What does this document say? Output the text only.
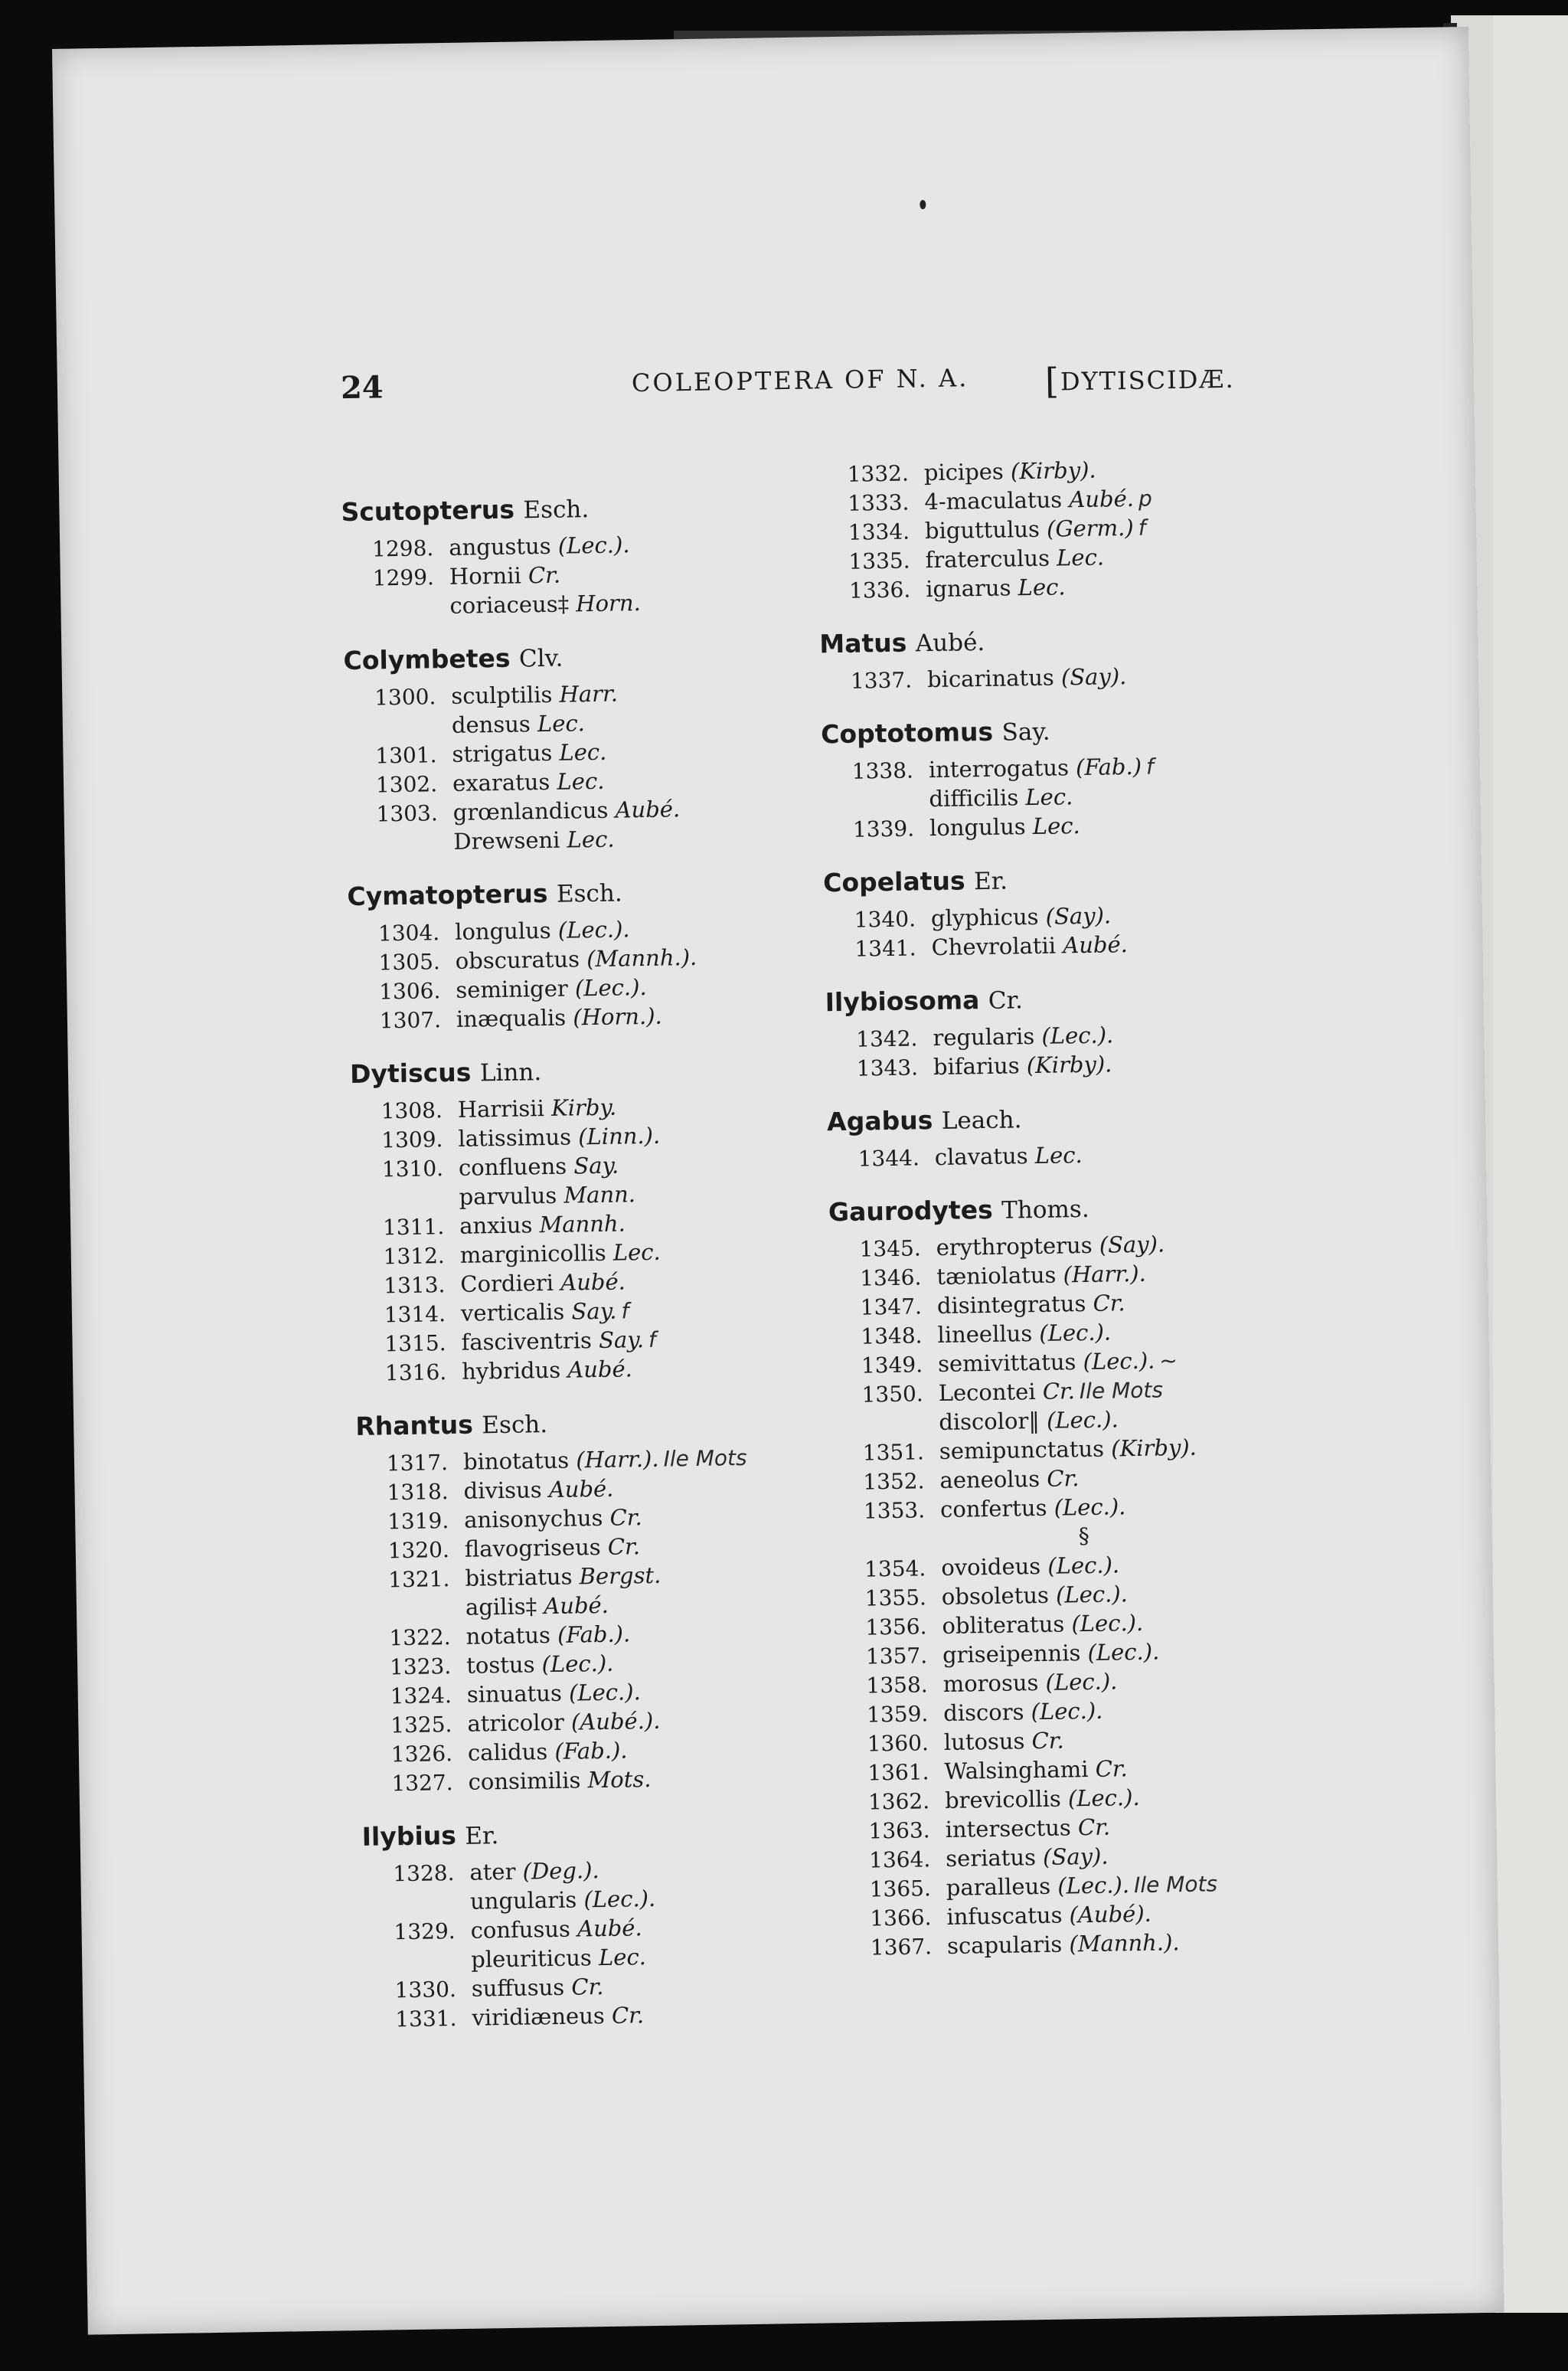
24	COLEOPTERA OF N. A. [DYTISCIDÆ.
Scutopterus Esch.
1298. angustus (Lec.).
1299. Hornii Cr.
coriaceus‡ Horn.
Colymbetes Clv.
1300. sculptilis Harr.
densus Lec.
1301. strigatus Lec.
1302. exaratus Lec.
1303. grœnlandicus Aubé.
Drewseni Lec.
Cymatopterus Esch.
1304. longulus (Lec.).
1305. obscuratus (Mannh.).
1306. seminiger (Lec.).
1307. inæqualis (Horn.).
Dytiscus Linn.
1308. Harrisii Kirby.
1309. latissimus (Linn.).
1310. confluens Say.
parvulus Mann.
1311. anxius Mannh.
1312. marginicollis Lec.
1313. Cordieri Aubé.
1314. verticalis Say. f
1315. fasciventris Say. f
1316. hybridus Aubé.
Rhantus Esch.
1317. binotatus (Harr.). Ile Mots
1318. divisus Aubé.
1319. anisonychus Cr.
1320. flavogriseus Cr.
1321. bistriatus Bergst.
agilis‡ Aubé.
1322. notatus (Fab.).
1323. tostus (Lec.).
1324. sinuatus (Lec.).
1325. atricolor (Aubé.).
1326. calidus (Fab.).
1327. consimilis Mots.
Ilybius Er.
1328. ater (Deg.).
ungularis (Lec.).
1329. confusus Aubé.
pleuriticus Lec.
1330. suffusus Cr.
1331. viridiæneus Cr.
1332. picipes (Kirby).
1333. 4-maculatus Aubé. p
1334. biguttulus (Germ.) f
1335. fraterculus Lec.
1336. ignarus Lec.
Matus Aubé.
1337. bicarinatus (Say).
Coptotomus Say.
1338. interrogatus (Fab.) f
difficilis Lec.
1339. longulus Lec.
Copelatus Er.
1340. glyphicus (Say).
1341. Chevrolatii Aubé.
Ilybiosoma Cr.
1342. regularis (Lec.).
1343. bifarius (Kirby).
Agabus Leach.
1344. clavatus Lec.
Gaurodytes Thoms.
1345. erythropterus (Say).
1346. tæniolatus (Harr.).
1347. disintegratus Cr.
1348. lineellus (Lec.).
1349. semivittatus (Lec.). ~
1350. Lecontei Cr. Ile Mots
discolor‖ (Lec.).
1351. semipunctatus (Kirby).
1352. aeneolus Cr.
1353. confertus (Lec.).
§
1354. ovoideus (Lec.).
1355. obsoletus (Lec.).
1356. obliteratus (Lec.).
1357. griseipennis (Lec.).
1358. morosus (Lec.).
1359. discors (Lec.).
1360. lutosus Cr.
1361. Walsinghami Cr.
1362. brevicollis (Lec.).
1363. intersectus Cr.
1364. seriatus (Say).
1365. paralleus (Lec.). Ile Mots
1366. infuscatus (Aubé).
1367. scapularis (Mannh.).
